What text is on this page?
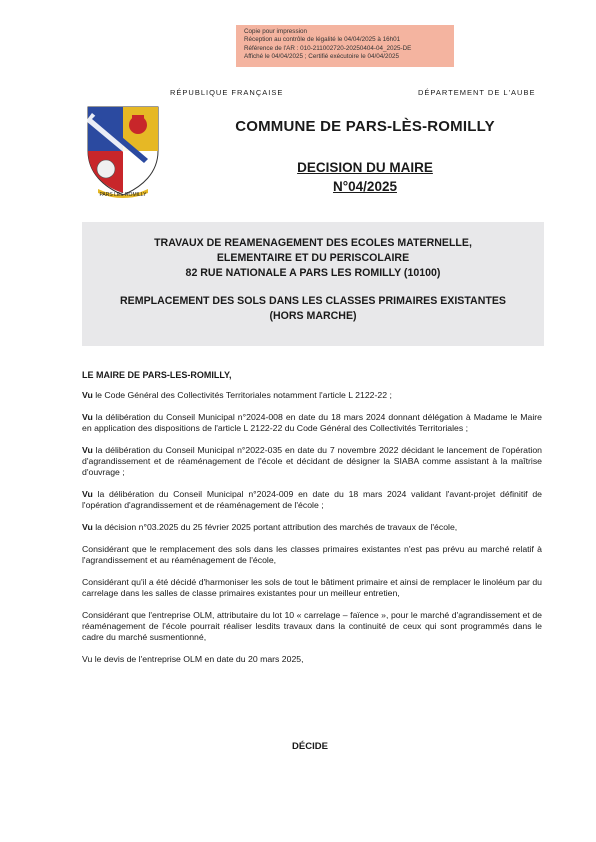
Copie pour impression
Réception au contrôle de légalité le 04/04/2025 à 16h01
Référence de l'AR : 010-211002720-20250404-04_2025-DE
Affiché le 04/04/2025 ; Certifié exécutoire le 04/04/2025
RÉPUBLIQUE FRANÇAISE	DÉPARTEMENT DE L'AUBE
PARS LES ROMILLY
COMMUNE DE PARS-LÈS-ROMILLY
DECISION DU MAIRE
N°04/2025
TRAVAUX DE REAMENAGEMENT DES ECOLES MATERNELLE,
ELEMENTAIRE ET DU PERISCOLAIRE
82 RUE NATIONALE A PARS LES ROMILLY (10100)
REMPLACEMENT DES SOLS DANS LES CLASSES PRIMAIRES EXISTANTES
(HORS MARCHE)

LE MAIRE DE PARS-LES-ROMILLY,

Vu le Code Général des Collectivités Territoriales notamment l'article L 2122-22 ;

Vu la délibération du Conseil Municipal n°2024-008 en date du 18 mars 2024 donnant délégation à Madame le Maire en application des dispositions de l'article L 2122-22 du Code Général des Collectivités Territoriales ;

Vu la délibération du Conseil Municipal n°2022-035 en date du 7 novembre 2022 décidant le lancement de l'opération d'agrandissement et de réaménagement de l'école et décidant de désigner la SIABA comme assistant à la maîtrise d'ouvrage ;

Vu la délibération du Conseil Municipal n°2024-009 en date du 18 mars 2024 validant l'avant-projet définitif de l'opération d'agrandissement et de réaménagement de l'école ;

Vu la décision n°03.2025 du 25 février 2025 portant attribution des marchés de travaux de l'école,

Considérant que le remplacement des sols dans les classes primaires existantes n'est pas prévu au marché relatif à l'agrandissement et au réaménagement de l'école,

Considérant qu'il a été décidé d'harmoniser les sols de tout le bâtiment primaire et ainsi de remplacer le linoléum par du carrelage dans les salles de classe primaires existantes pour un meilleur entretien,

Considérant que l'entreprise OLM, attributaire du lot 10 « carrelage – faïence », pour le marché d'agrandissement et de réaménagement de l'école pourrait réaliser lesdits travaux dans la continuité de ceux qui sont programmés dans le cadre du marché susmentionné,

Vu le devis de l'entreprise OLM en date du 20 mars 2025,

DÉCIDE
